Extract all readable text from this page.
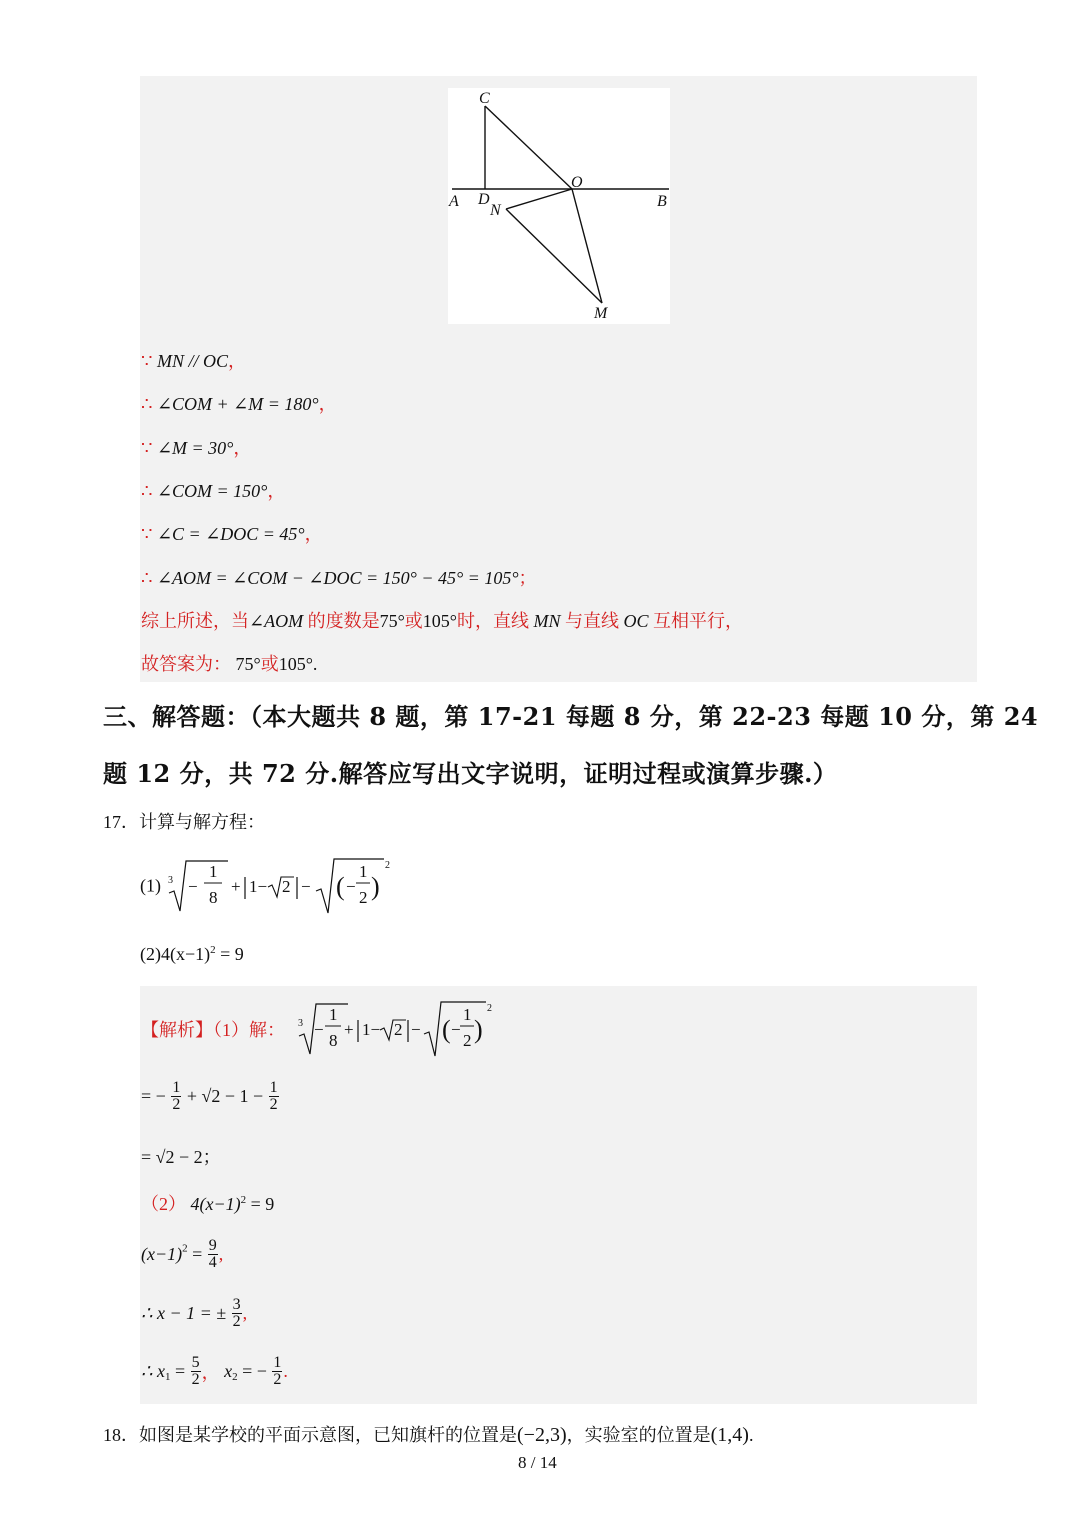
C
A D
N
O
B
M
∵ MN // OC，
∴ ∠COM + ∠M = 180°，
∵ ∠M = 30°，
∴ ∠COM = 150°，
∵ ∠C = ∠DOC = 45°，
∴ ∠AOM = ∠COM − ∠DOC = 150° − 45° = 105°；
综上所述，当∠AOM 的度数是75°或105°时，直线 MN 与直线 OC 互相平行，
故答案为： 75°或105°.
三、解答题：（本大题共 8 题，第 17-21 每题 8 分，第 22-23 每题 10 分，第 24
题 12 分，共 72 分.解答应写出文字说明，证明过程或演算步骤.）
17．计算与解方程：
(1) 3 −
1
8
+ 1− 2 − ( −
1
2 )
2
$(2)4(x-1)^2 = 9$
【解析】（1）解： 3 −
1
8
+ 1− 2 − ( −
1
2 )
2
= − $\frac{1}{2} + √2 - 1 - \frac{1}{2}$
= √2 − 2；
（2） $4(x-1)^2 = 9$
$(x-1)^2 = \frac{9}{4}$ ,
∴ x − 1 = ± $\frac{3}{2}$ ,
∴ $x_1 = \frac{5}{2}$ ， $x_2$ = − $\frac{1}{2}$ .
18．如图是某学校的平面示意图，已知旗杆的位置是(−2,3)，实验室的位置是(1,4).
8 / 14
